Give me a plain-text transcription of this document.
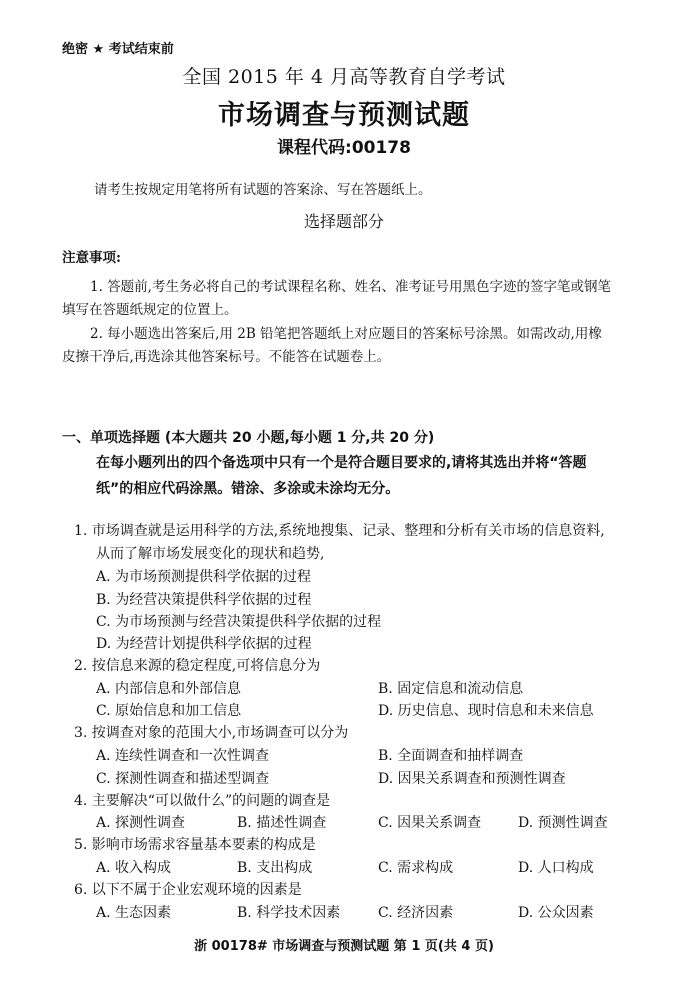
绝密 ★ 考试结束前
全国 2015 年 4 月高等教育自学考试
市场调查与预测试题
课程代码:00178
请考生按规定用笔将所有试题的答案涂、写在答题纸上。
选择题部分
注意事项:
1. 答题前,考生务必将自己的考试课程名称、姓名、准考证号用黑色字迹的签字笔或钢笔
填写在答题纸规定的位置上。
2. 每小题选出答案后,用 2B 铅笔把答题纸上对应题目的答案标号涂黑。如需改动,用橡
皮擦干净后,再选涂其他答案标号。不能答在试题卷上。
一、单项选择题 (本大题共 20 小题,每小题 1 分,共 20 分)
在每小题列出的四个备选项中只有一个是符合题目要求的,请将其选出并将“答题
纸”的相应代码涂黑。错涂、多涂或未涂均无分。
1. 市场调查就是运用科学的方法,系统地搜集、记录、整理和分析有关市场的信息资料,
从而了解市场发展变化的现状和趋势,
A. 为市场预测提供科学依据的过程
B. 为经营决策提供科学依据的过程
C. 为市场预测与经营决策提供科学依据的过程
D. 为经营计划提供科学依据的过程
2. 按信息来源的稳定程度,可将信息分为
A. 内部信息和外部信息	B. 固定信息和流动信息
C. 原始信息和加工信息	D. 历史信息、现时信息和未来信息
3. 按调查对象的范围大小,市场调查可以分为
A. 连续性调查和一次性调查	B. 全面调查和抽样调查
C. 探测性调查和描述型调查	D. 因果关系调查和预测性调查
4. 主要解决“可以做什么”的问题的调查是
A. 探测性调查	B. 描述性调查	C. 因果关系调查	D. 预测性调查
5. 影响市场需求容量基本要素的构成是
A. 收入构成	B. 支出构成	C. 需求构成	D. 人口构成
6. 以下不属于企业宏观环境的因素是
A. 生态因素	B. 科学技术因素	C. 经济因素	D. 公众因素
浙 00178# 市场调查与预测试题 第 1 页(共 4 页)
